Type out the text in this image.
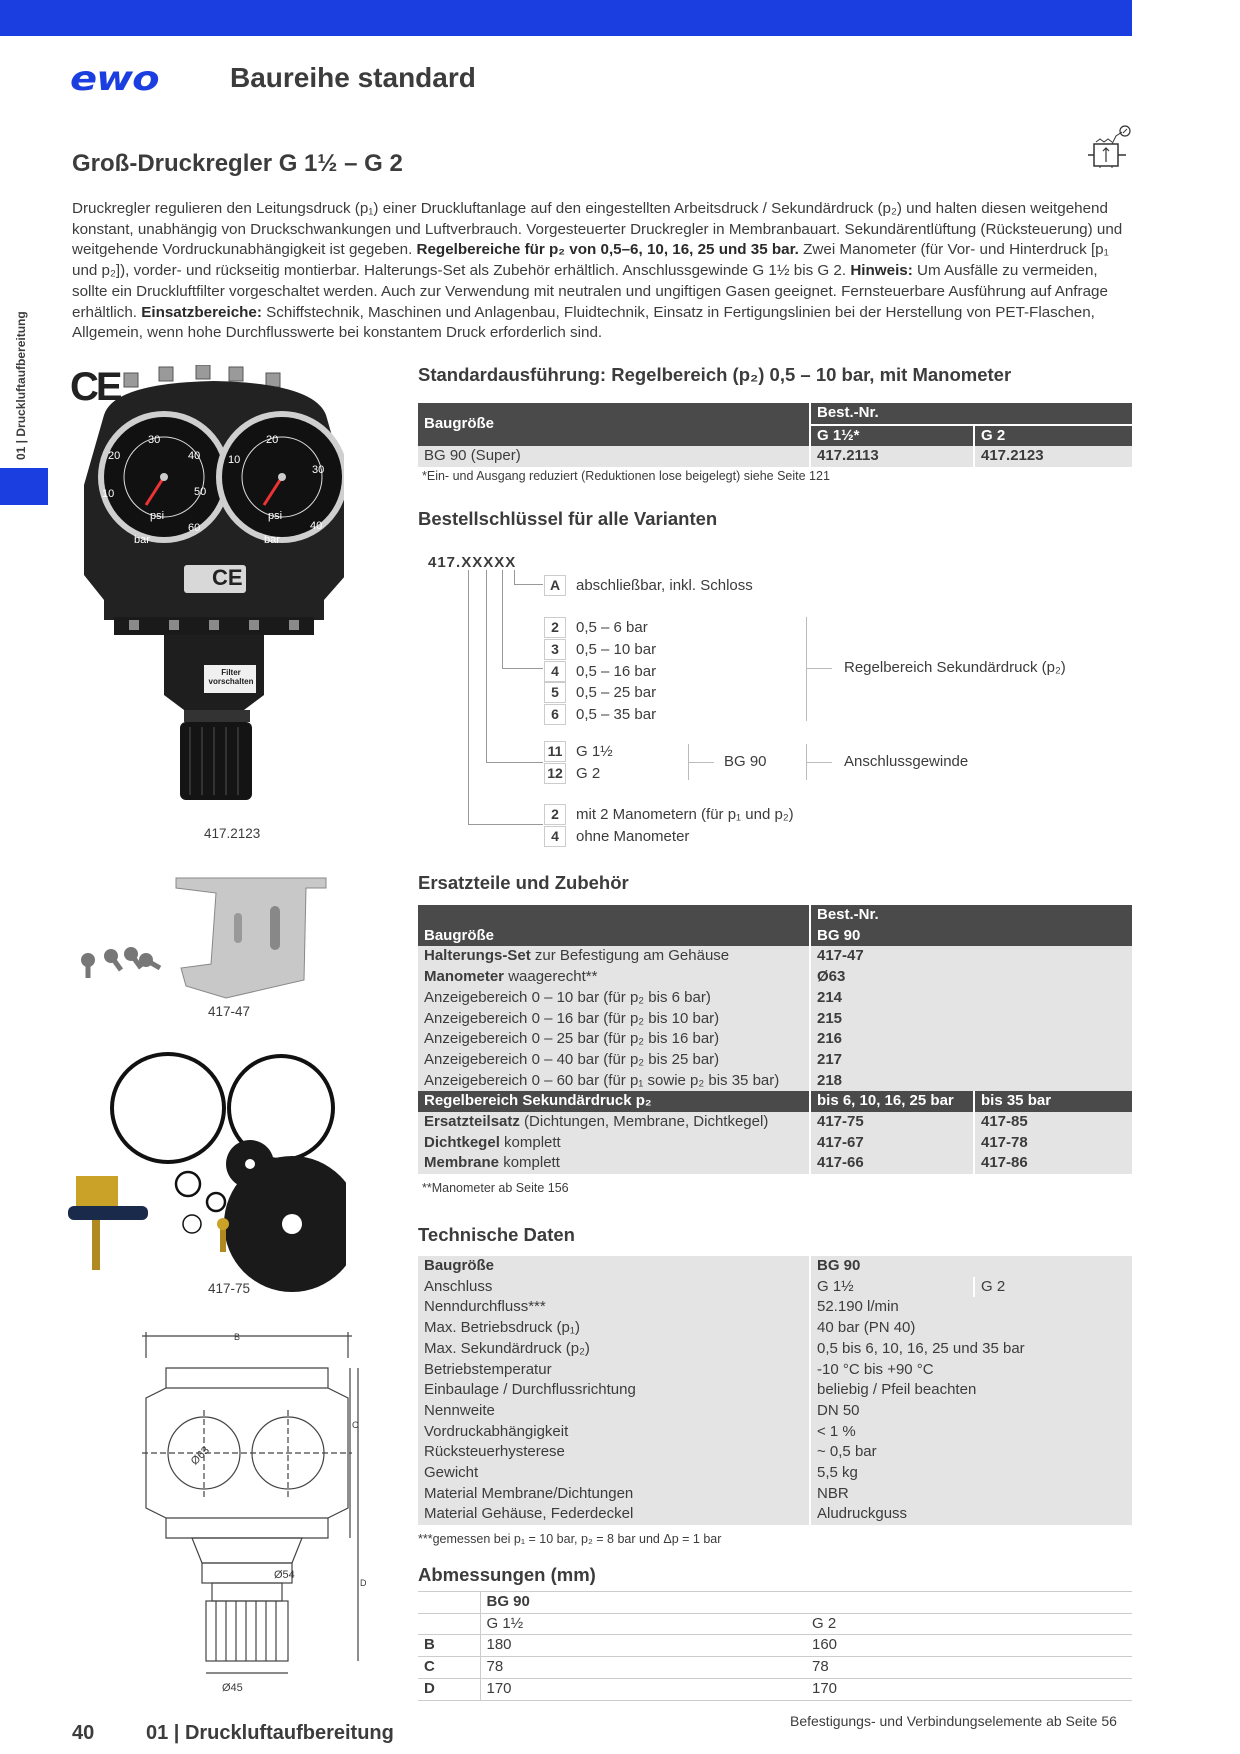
ewo	Baureihe standard
01 | Druckluftaufbereitung
Groß-Druckregler G 1½ – G 2
Druckregler regulieren den Leitungsdruck (p₁) einer Druckluftanlage auf den eingestellten Arbeitsdruck / Sekundärdruck (p₂) und halten diesen weitgehend konstant, unabhängig von Druckschwankungen und Luftverbrauch. Vorgesteuerter Druckregler in Membranbauart. Sekundärentlüftung (Rücksteuerung) und weitgehende Vordruckunabhängigkeit ist gegeben. Regelbereiche für p₂ von 0,5–6, 10, 16, 25 und 35 bar. Zwei Manometer (für Vor- und Hinterdruck [p₁ und p₂]), vorder- und rückseitig montierbar. Halterungs-Set als Zubehör erhältlich. Anschlussgewinde G 1½ bis G 2. Hinweis: Um Ausfälle zu vermeiden, sollte ein Druckluftfilter vorgeschaltet werden. Auch zur Verwendung mit neutralen und ungiftigen Gasen geeignet. Fernsteuerbare Ausführung auf Anfrage erhältlich. Einsatzbereiche: Schiffstechnik, Maschinen und Anlagenbau, Fluidtechnik, Einsatz in Fertigungslinien bei der Herstellung von PET-Flaschen, Allgemein, wenn hohe Durchflusswerte bei konstantem Druck erforderlich sind.
CE
10
20
30
40
50
60
bar
psi
10
20
30
40
bar
psi
CE
Filter vorschalten
417.2123
417-47
417-75
B
C
D
Ø63
Ø54
Ø45
Standardausführung: Regelbereich (p₂) 0,5 – 10 bar, mit Manometer
Baugröße	Best.-Nr.	
	G 1½*	G 2
BG 90 (Super)	417.2113	417.2123
*Ein- und Ausgang reduziert (Reduktionen lose beigelegt) siehe Seite 121
Bestellschlüssel für alle Varianten
417.XXXXX
A abschließbar, inkl. Schloss
2 0,5 – 6 bar
3 0,5 – 10 bar
4 0,5 – 16 bar
5 0,5 – 25 bar
6 0,5 – 35 bar
Regelbereich Sekundärdruck (p₂)
11 G 1½
12 G 2
BG 90	Anschlussgewinde
2 mit 2 Manometern (für p₁ und p₂)
4 ohne Manometer
Ersatzteile und Zubehör
	Best.-Nr.	
Baugröße	BG 90	
Halterungs-Set zur Befestigung am Gehäuse	417-47	
Manometer waagerecht**	Ø63	
Anzeigebereich 0 – 10 bar (für p₂ bis 6 bar)	214	
Anzeigebereich 0 – 16 bar (für p₂ bis 10 bar)	215	
Anzeigebereich 0 – 25 bar (für p₂ bis 16 bar)	216	
Anzeigebereich 0 – 40 bar (für p₂ bis 25 bar)	217	
Anzeigebereich 0 – 60 bar (für p₁ sowie p₂ bis 35 bar)	218	
Regelbereich Sekundärdruck p₂	bis 6, 10, 16, 25 bar	bis 35 bar
Ersatzteilsatz (Dichtungen, Membrane, Dichtkegel)	417-75	417-85
Dichtkegel komplett	417-67	417-78
Membrane komplett	417-66	417-86
**Manometer ab Seite 156
Technische Daten
Baugröße	BG 90	
Anschluss	G 1½	G 2
Nenndurchfluss***	52.190 l/min	
Max. Betriebsdruck (p₁)	40 bar (PN 40)	
Max. Sekundärdruck (p₂)	0,5 bis 6, 10, 16, 25 und 35 bar	
Betriebstemperatur	-10 °C bis +90 °C	
Einbaulage / Durchflussrichtung	beliebig / Pfeil beachten	
Nennweite	DN 50	
Vordruckabhängigkeit	< 1 %	
Rücksteuerhysterese	~ 0,5 bar	
Gewicht	5,5 kg	
Material Membrane/Dichtungen	NBR	
Material Gehäuse, Federdeckel	Aludruckguss	
***gemessen bei p₁ = 10 bar, p₂ = 8 bar und Δp = 1 bar
Abmessungen (mm)
	BG 90	
	G 1½	G 2
B	180	160
C	78	78
D	170	170
40	01 | Druckluftaufbereitung
Befestigungs- und Verbindungselemente ab Seite 56
